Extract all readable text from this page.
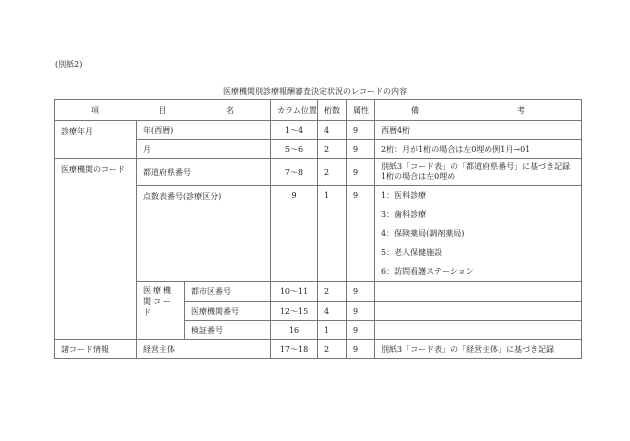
(別紙2)
医療機関別診療報酬審査決定状況のレコードの内容
項 目 名			カラム位置	桁数	属性	備 考

診療年月	年(西暦)		1～4	4	9	西暦4桁
	月		5～6	2	9	2桁：月が1桁の場合は左0埋め例1月→01
医療機関のコード	都道府県番号		7～8	2	9	別紙3「コード表」の「都道府県番号」に基づき記録
1桁の場合は左0埋め

	点数表番号(診療区分)		9	1	9	1：医科診療
3：歯科診療
4：保険薬局(調剤薬局)
5：老人保健施設
6：訪問看護ステーション

	医療機関コード	都市区番号	10～11	2	9	
		医療機関番号	12～15	4	9	
		検証番号	16	1	9	
諸コード情報	経営主体		17～18	2	9	別紙3「コード表」の「経営主体」に基づき記録
